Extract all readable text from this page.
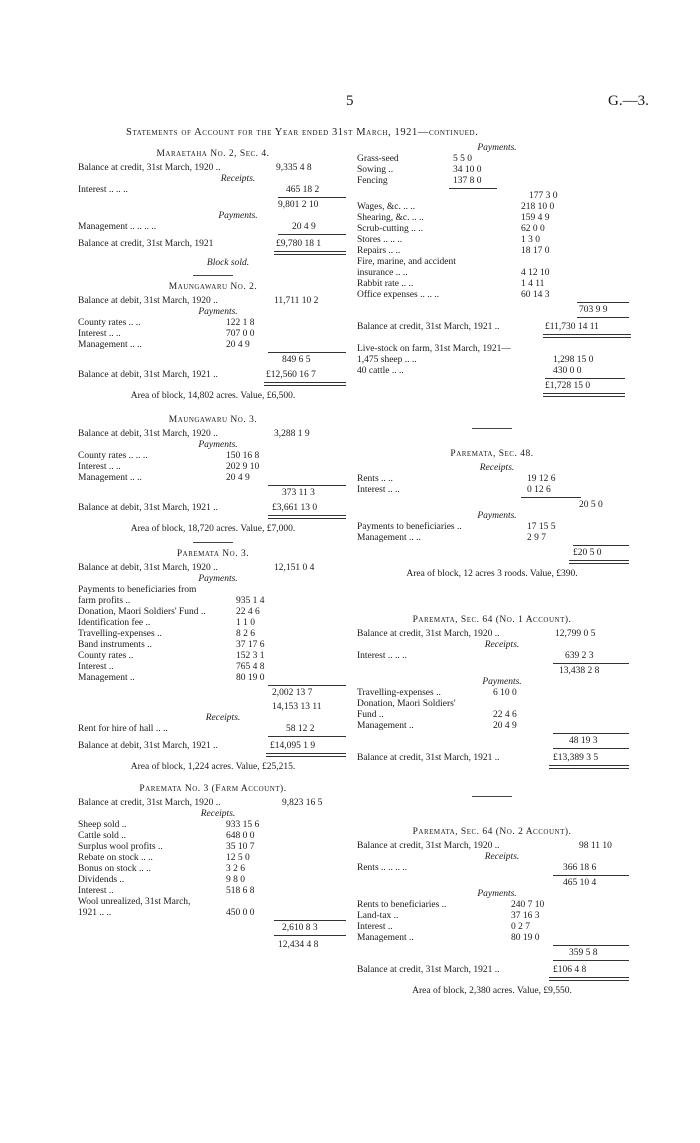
5	G.—3.
Statements of Account for the Year ended 31st March, 1921—continued.
Maraetaha No. 2, Sec. 4.
Balance at credit, 31st March, 1920 ..	9,335 4 8
Receipts.
Interest .. .. ..	465 18 2
9,801 2 10
Payments.
Management .. .. .. ..	20 4 9
Balance at credit, 31st March, 1921	£9,780 18 1
Block sold.
Maungawaru No. 2.
Balance at debit, 31st March, 1920 ..	11,711 10 2
Payments.
County rates .. ..	122 1 8
Interest .. ..	707 0 0
Management .. ..	20 4 9
849 6 5
Balance at debit, 31st March, 1921 ..	£12,560 16 7
Area of block, 14,802 acres. Value, £6,500.
Maungawaru No. 3.
Balance at debit, 31st March, 1920 ..	3,288 1 9
Payments.
County rates .. .. ..	150 16 8
Interest .. ..	202 9 10
Management .. ..	20 4 9
373 11 3
Balance at debit, 31st March, 1921 ..	£3,661 13 0
Area of block, 18,720 acres. Value, £7,000.
Paremata No. 3.
Balance at debit, 31st March, 1920 ..	12,151 0 4
Payments.
Payments to beneficiaries from
farm profits ..	935 1 4
Donation, Maori Soldiers' Fund ..	22 4 6
Identification fee ..	1 1 0
Travelling-expenses ..	8 2 6
Band instruments ..	37 17 6
County rates ..	152 3 1
Interest ..	765 4 8
Management ..	80 19 0
2,002 13 7
14,153 13 11
Receipts.
Rent for hire of hall .. ..	58 12 2
Balance at debit, 31st March, 1921 ..	£14,095 1 9
Area of block, 1,224 acres. Value, £25,215.
Paremata No. 3 (Farm Account).
Balance at credit, 31st March, 1920 ..	9,823 16 5
Receipts.
Sheep sold ..	933 15 6
Cattle sold ..	648 0 0
Surplus wool profits ..	35 10 7
Rebate on stock .. ..	12 5 0
Bonus on stock .. ..	3 2 6
Dividends ..	9 8 0
Interest ..	518 6 8
Wool unrealized, 31st March,
1921 .. ..	450 0 0
2,610 8 3
12,434 4 8
Payments.
Grass-seed	5 5 0
Sowing ..	34 10 0
Fencing	137 8 0
177 3 0
Wages, &c. .. ..	218 10 0
Shearing, &c. .. ..	159 4 9
Scrub-cutting .. ..	62 0 0
Stores .. .. ..	1 3 0
Repairs .. ..	18 17 0
Fire, marine, and accident
insurance .. ..	4 12 10
Rabbit rate .. ..	1 4 11
Office expenses .. .. ..	60 14 3
703 9 9
Balance at credit, 31st March, 1921 ..	£11,730 14 11
Live-stock on farm, 31st March, 1921—
1,475 sheep .. ..	1,298 15 0
40 cattle .. ..	430 0 0
£1,728 15 0
Paremata, Sec. 48.
Receipts.
Rents .. ..	19 12 6
Interest .. ..	0 12 6
20 5 0
Payments.
Payments to beneficiaries ..	17 15 5
Management .. ..	2 9 7
£20 5 0
Area of block, 12 acres 3 roods. Value, £390.
Paremata, Sec. 64 (No. 1 Account).
Balance at credit, 31st March, 1920 ..	12,799 0 5
Receipts.
Interest .. .. ..	639 2 3
13,438 2 8
Payments.
Travelling-expenses ..	6 10 0
Donation, Maori Soldiers'
Fund ..	22 4 6
Management ..	20 4 9
48 19 3
Balance at credit, 31st March, 1921 ..	£13,389 3 5
Paremata, Sec. 64 (No. 2 Account).
Balance at credit, 31st March, 1920 ..	98 11 10
Receipts.
Rents .. .. .. ..	366 18 6
465 10 4
Payments.
Rents to beneficiaries ..	240 7 10
Land-tax ..	37 16 3
Interest ..	0 2 7
Management ..	80 19 0
359 5 8
Balance at credit, 31st March, 1921 ..	£106 4 8
Area of block, 2,380 acres. Value, £9,550.
